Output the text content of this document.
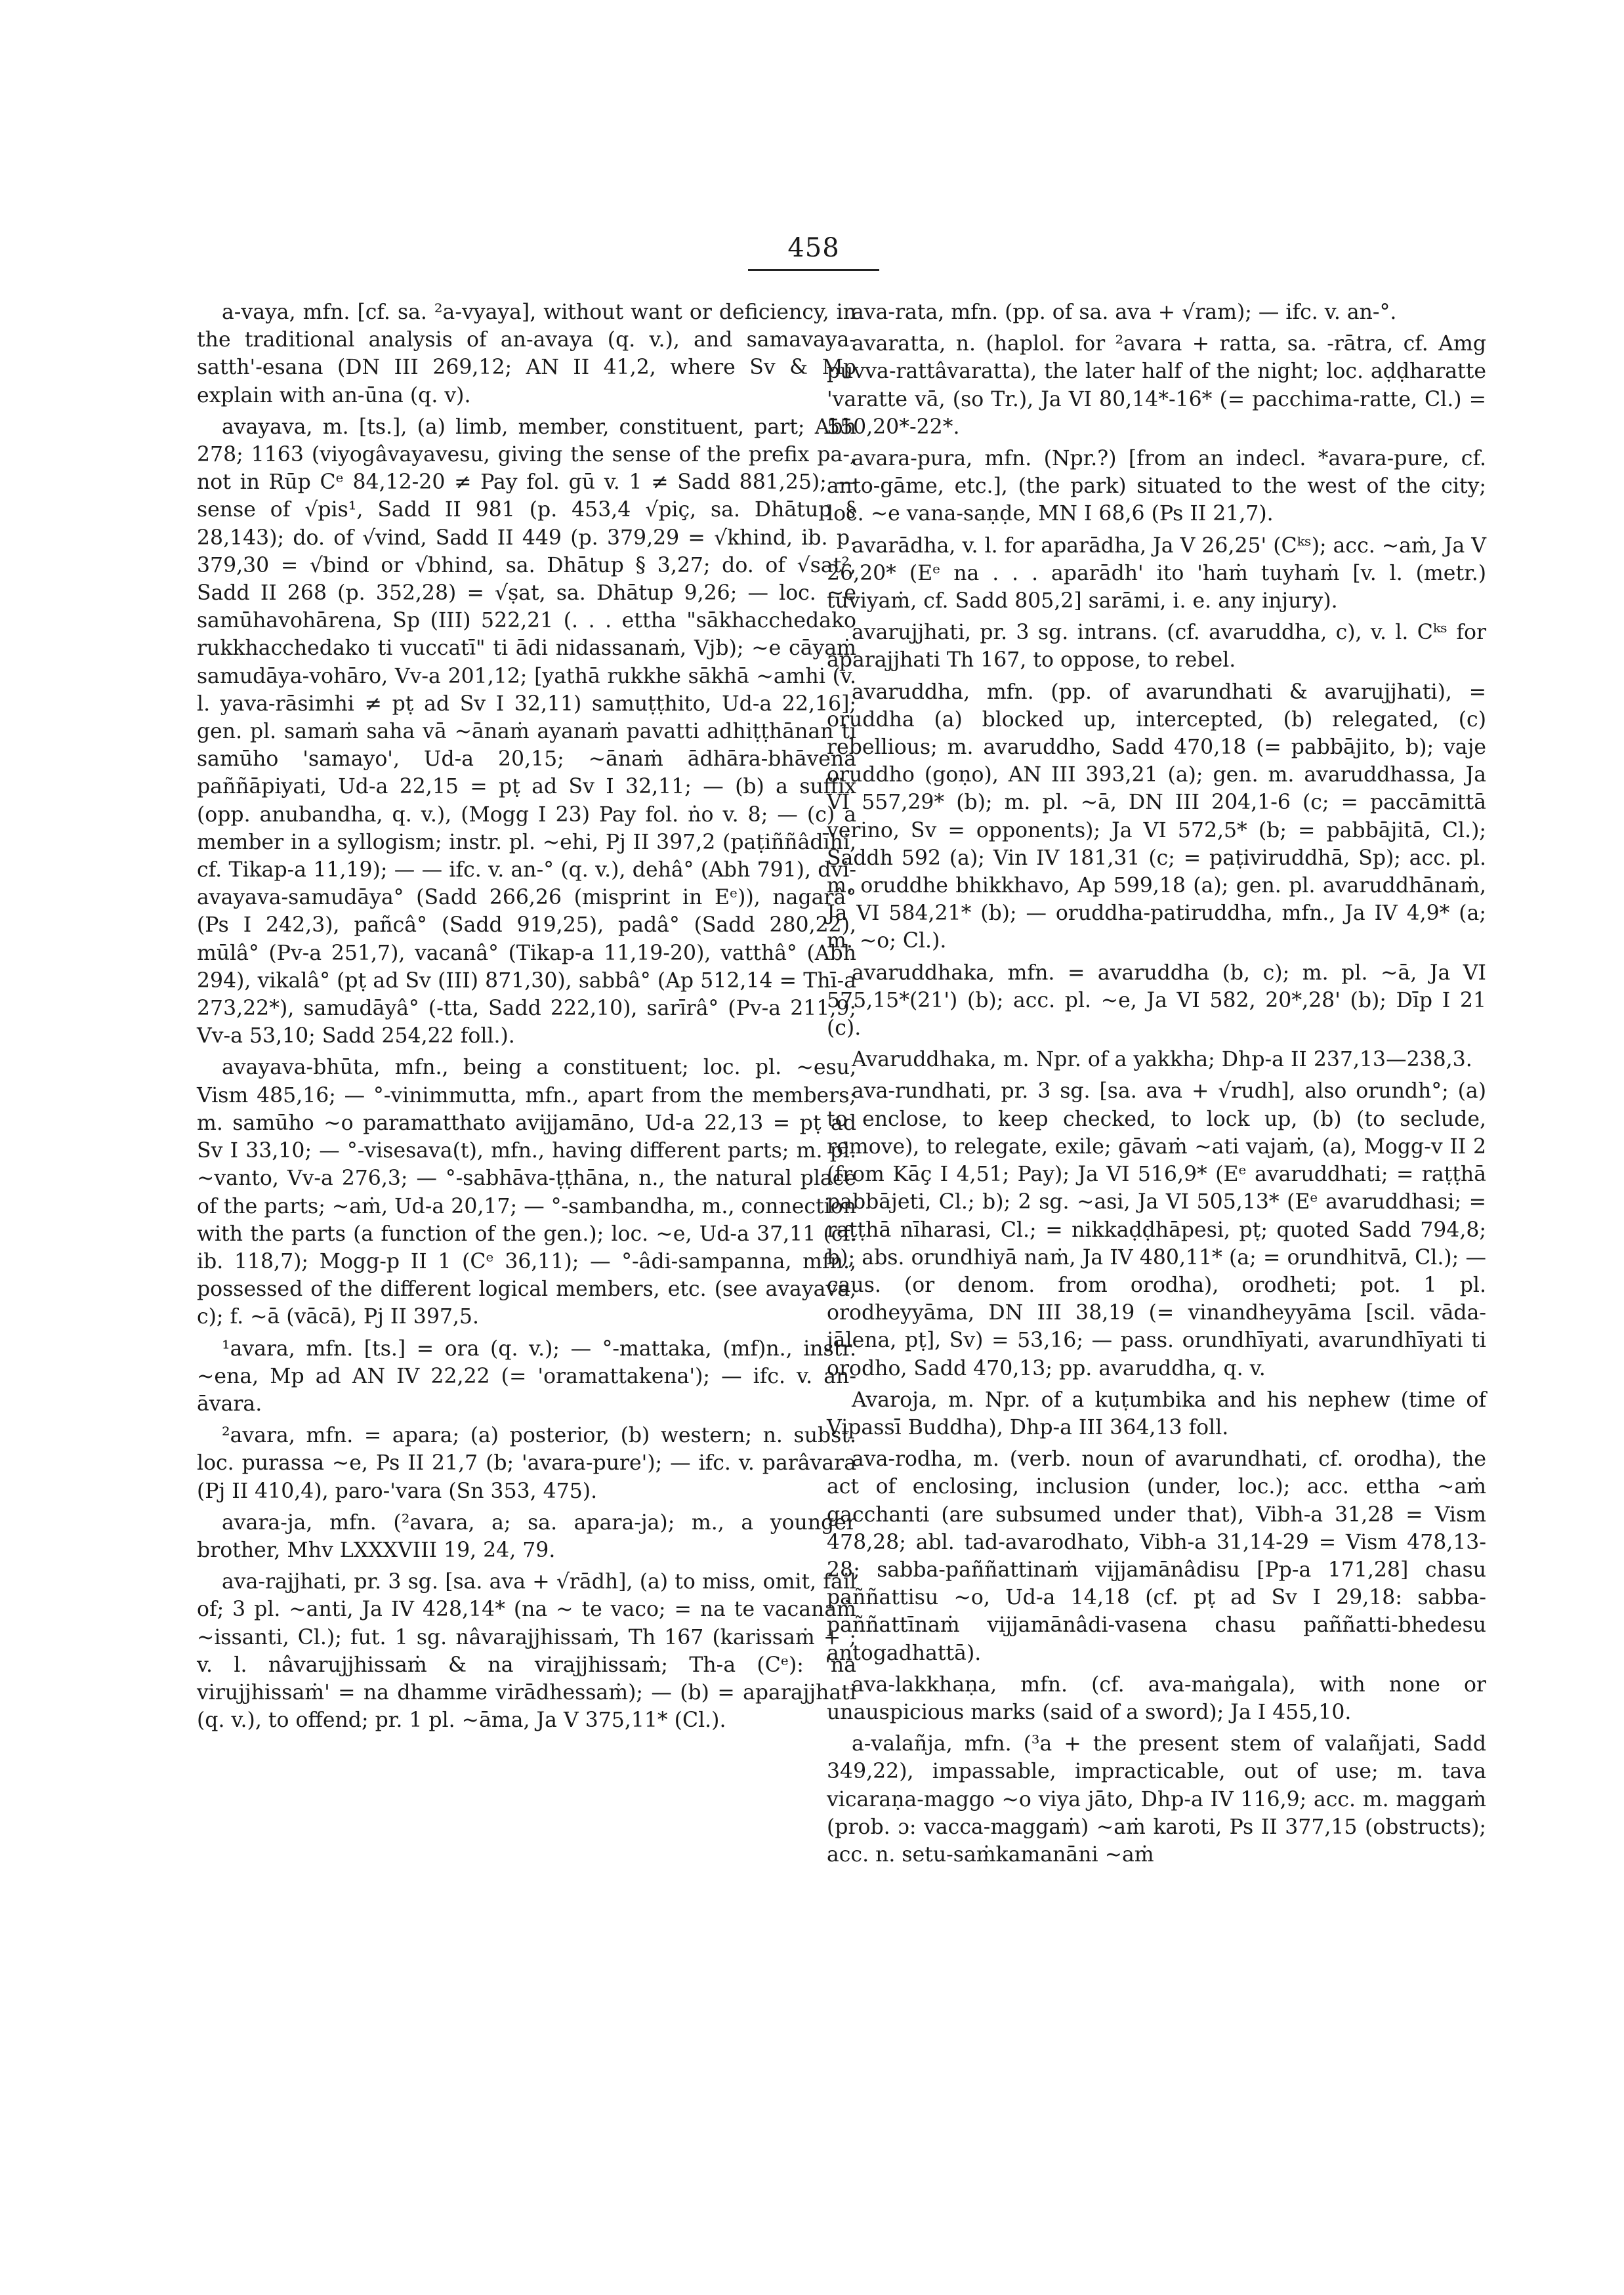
458

a-vaya, mfn. [cf. sa. ²a-vyaya], without want or deficiency, in the traditional analysis of an-avaya (q. v.), and samavaya-satth'-esana (DN III 269,12; AN II 41,2, where Sv & Mp explain with an-ūna (q. v).

avayava, m. [ts.], (a) limb, member, constituent, part; Abh 278; 1163 (viyogâvayavesu, giving the sense of the prefix pa-, not in Rūp Cᵉ 84,12-20 ≠ Pay fol. gū v. 1 ≠ Sadd 881,25); — sense of √pis¹, Sadd II 981 (p. 453,4 √piç, sa. Dhātup § 28,143); do. of √vind, Sadd II 449 (p. 379,29 = √khind, ib. p. 379,30 = √bind or √bhind, sa. Dhātup § 3,27; do. of √sat², Sadd II 268 (p. 352,28) = √ṣat, sa. Dhātup 9,26; — loc. ~e samūhavohārena, Sp (III) 522,21 (. . . ettha "sākhacchedako rukkhacchedako ti vuccatī" ti ādi nidassanaṁ, Vjb); ~e cāyaṁ samudāya-vohāro, Vv-a 201,12; [yathā rukkhe sākhā ~amhi (v. l. yava-rāsimhi ≠ pṭ ad Sv I 32,11) samuṭṭhito, Ud-a 22,16]; gen. pl. samaṁ saha vā ~ānaṁ ayanaṁ pavatti adhiṭṭhānan ti samūho 'samayo', Ud-a 20,15; ~ānaṁ ādhāra-bhāvena paññāpiyati, Ud-a 22,15 = pṭ ad Sv I 32,11; — (b) a suffix (opp. anubandha, q. v.), (Mogg I 23) Pay fol. ṅo v. 8; — (c) a member in a syllogism; instr. pl. ~ehi, Pj II 397,2 (paṭiññâdīhi, cf. Tikap-a 11,19); — — ifc. v. an-° (q. v.), dehâ° (Abh 791), dvi-avayava-samudāya° (Sadd 266,26 (misprint in Eᵉ)), nagarâ° (Ps I 242,3), pañcâ° (Sadd 919,25), padâ° (Sadd 280,22), mūlâ° (Pv-a 251,7), vacanâ° (Tikap-a 11,19-20), vatthâ° (Abh 294), vikalâ° (pṭ ad Sv (III) 871,30), sabbâ° (Ap 512,14 = Thī-a 273,22*), samudāyâ° (-tta, Sadd 222,10), sarīrâ° (Pv-a 211,9; Vv-a 53,10; Sadd 254,22 foll.).

avayava-bhūta, mfn., being a constituent; loc. pl. ~esu, Vism 485,16; — °-vinimmutta, mfn., apart from the members; m. samūho ~o paramatthato avijjamāno, Ud-a 22,13 = pṭ ad Sv I 33,10; — °-visesava(t), mfn., having different parts; m. pl. ~vanto, Vv-a 276,3; — °-sabhāva-ṭṭhāna, n., the natural place of the parts; ~aṁ, Ud-a 20,17; — °-sambandha, m., connection with the parts (a function of the gen.); loc. ~e, Ud-a 37,11 (cf. ib. 118,7); Mogg-p II 1 (Cᵉ 36,11); — °-âdi-sampanna, mfn., possessed of the different logical members, etc. (see avayava, c); f. ~ā (vācā), Pj II 397,5.

¹avara, mfn. [ts.] = ora (q. v.); — °-mattaka, (mf)n., instr. ~ena, Mp ad AN IV 22,22 (= 'oramattakena'); — ifc. v. an-āvara.

²avara, mfn. = apara; (a) posterior, (b) western; n. subst. loc. purassa ~e, Ps II 21,7 (b; 'avara-pure'); — ifc. v. parâvara (Pj II 410,4), paro-'vara (Sn 353, 475).

avara-ja, mfn. (²avara, a; sa. apara-ja); m., a younger brother, Mhv LXXXVIII 19, 24, 79.

ava-rajjhati, pr. 3 sg. [sa. ava + √rādh], (a) to miss, omit, fail of; 3 pl. ~anti, Ja IV 428,14* (na ~ te vaco; = na te vacanaṁ ~issanti, Cl.); fut. 1 sg. nâvarajjhissaṁ, Th 167 (karissaṁ + ; v. l. nâvarujjhissaṁ & na virajjhissaṁ; Th-a (Cᵉ): 'na virujjhissaṁ' = na dhamme virādhessaṁ); — (b) = aparajjhati (q. v.), to offend; pr. 1 pl. ~āma, Ja V 375,11* (Cl.).

ava-rata, mfn. (pp. of sa. ava + √ram); — ifc. v. an-°.

avaratta, n. (haplol. for ²avara + ratta, sa. -rātra, cf. Amg puvva-rattâvaratta), the later half of the night; loc. aḍḍharatte 'varatte vā, (so Tr.), Ja VI 80,14*-16* (= pacchima-ratte, Cl.) = 550,20*-22*.

avara-pura, mfn. (Npr.?) [from an indecl. *avara-pure, cf. anto-gāme, etc.], (the park) situated to the west of the city; loc. ~e vana-saṇḍe, MN I 68,6 (Ps II 21,7).

avarādha, v. l. for aparādha, Ja V 26,25' (Cᵏˢ); acc. ~aṁ, Ja V 26,20* (Eᵉ na . . . aparādh' ito 'haṁ tuyhaṁ [v. l. (metr.) tuviyaṁ, cf. Sadd 805,2] sarāmi, i. e. any injury).

avarujjhati, pr. 3 sg. intrans. (cf. avaruddha, c), v. l. Cᵏˢ for aparajjhati Th 167, to oppose, to rebel.

avaruddha, mfn. (pp. of avarundhati & avarujjhati), = oruddha (a) blocked up, intercepted, (b) relegated, (c) rebellious; m. avaruddho, Sadd 470,18 (= pabbājito, b); vaje oruddho (goṇo), AN III 393,21 (a); gen. m. avaruddhassa, Ja VI 557,29* (b); m. pl. ~ā, DN III 204,1-6 (c; = paccāmittā verino, Sv = opponents); Ja VI 572,5* (b; = pabbājitā, Cl.); Saddh 592 (a); Vin IV 181,31 (c; = paṭiviruddhā, Sp); acc. pl. m. oruddhe bhikkhavo, Ap 599,18 (a); gen. pl. avaruddhānaṁ, Ja VI 584,21* (b); — oruddha-patiruddha, mfn., Ja IV 4,9* (a; m. ~o; Cl.).

avaruddhaka, mfn. = avaruddha (b, c); m. pl. ~ā, Ja VI 575,15*(21') (b); acc. pl. ~e, Ja VI 582, 20*,28' (b); Dīp I 21 (c).

Avaruddhaka, m. Npr. of a yakkha; Dhp-a II 237,13—238,3.

ava-rundhati, pr. 3 sg. [sa. ava + √rudh], also orundh°; (a) to enclose, to keep checked, to lock up, (b) (to seclude, remove), to relegate, exile; gāvaṁ ~ati vajaṁ, (a), Mogg-v II 2 (from Kāç I 4,51; Pay); Ja VI 516,9* (Eᵉ avaruddhati; = raṭṭhā pabbājeti, Cl.; b); 2 sg. ~asi, Ja VI 505,13* (Eᵉ avaruddhasi; = raṭṭhā nīharasi, Cl.; = nikkaḍḍhāpesi, pṭ; quoted Sadd 794,8; b); abs. orundhiyā naṁ, Ja IV 480,11* (a; = orundhitvā, Cl.); — caus. (or denom. from orodha), orodheti; pot. 1 pl. orodheyyāma, DN III 38,19 (= vinandheyyāma [scil. vāda-jālena, pṭ], Sv) = 53,16; — pass. orundhīyati, avarundhīyati ti orodho, Sadd 470,13; pp. avaruddha, q. v.

Avaroja, m. Npr. of a kuṭumbika and his nephew (time of Vipassī Buddha), Dhp-a III 364,13 foll.

ava-rodha, m. (verb. noun of avarundhati, cf. orodha), the act of enclosing, inclusion (under, loc.); acc. ettha ~aṁ gacchanti (are subsumed under that), Vibh-a 31,28 = Vism 478,28; abl. tad-avarodhato, Vibh-a 31,14-29 = Vism 478,13-28; sabba-paññattinaṁ vijjamānâdisu [Pp-a 171,28] chasu paññattisu ~o, Ud-a 14,18 (cf. pṭ ad Sv I 29,18: sabba-paññattīnaṁ vijjamānâdi-vasena chasu paññatti-bhedesu antogadhattā).

ava-lakkhaṇa, mfn. (cf. ava-maṅgala), with none or unauspicious marks (said of a sword); Ja I 455,10.

a-valañja, mfn. (³a + the present stem of valañjati, Sadd 349,22), impassable, impracticable, out of use; m. tava vicaraṇa-maggo ~o viya jāto, Dhp-a IV 116,9; acc. m. maggaṁ (prob. ɔ: vacca-maggaṁ) ~aṁ karoti, Ps II 377,15 (obstructs); acc. n. setu-saṁkamanāni ~aṁ
